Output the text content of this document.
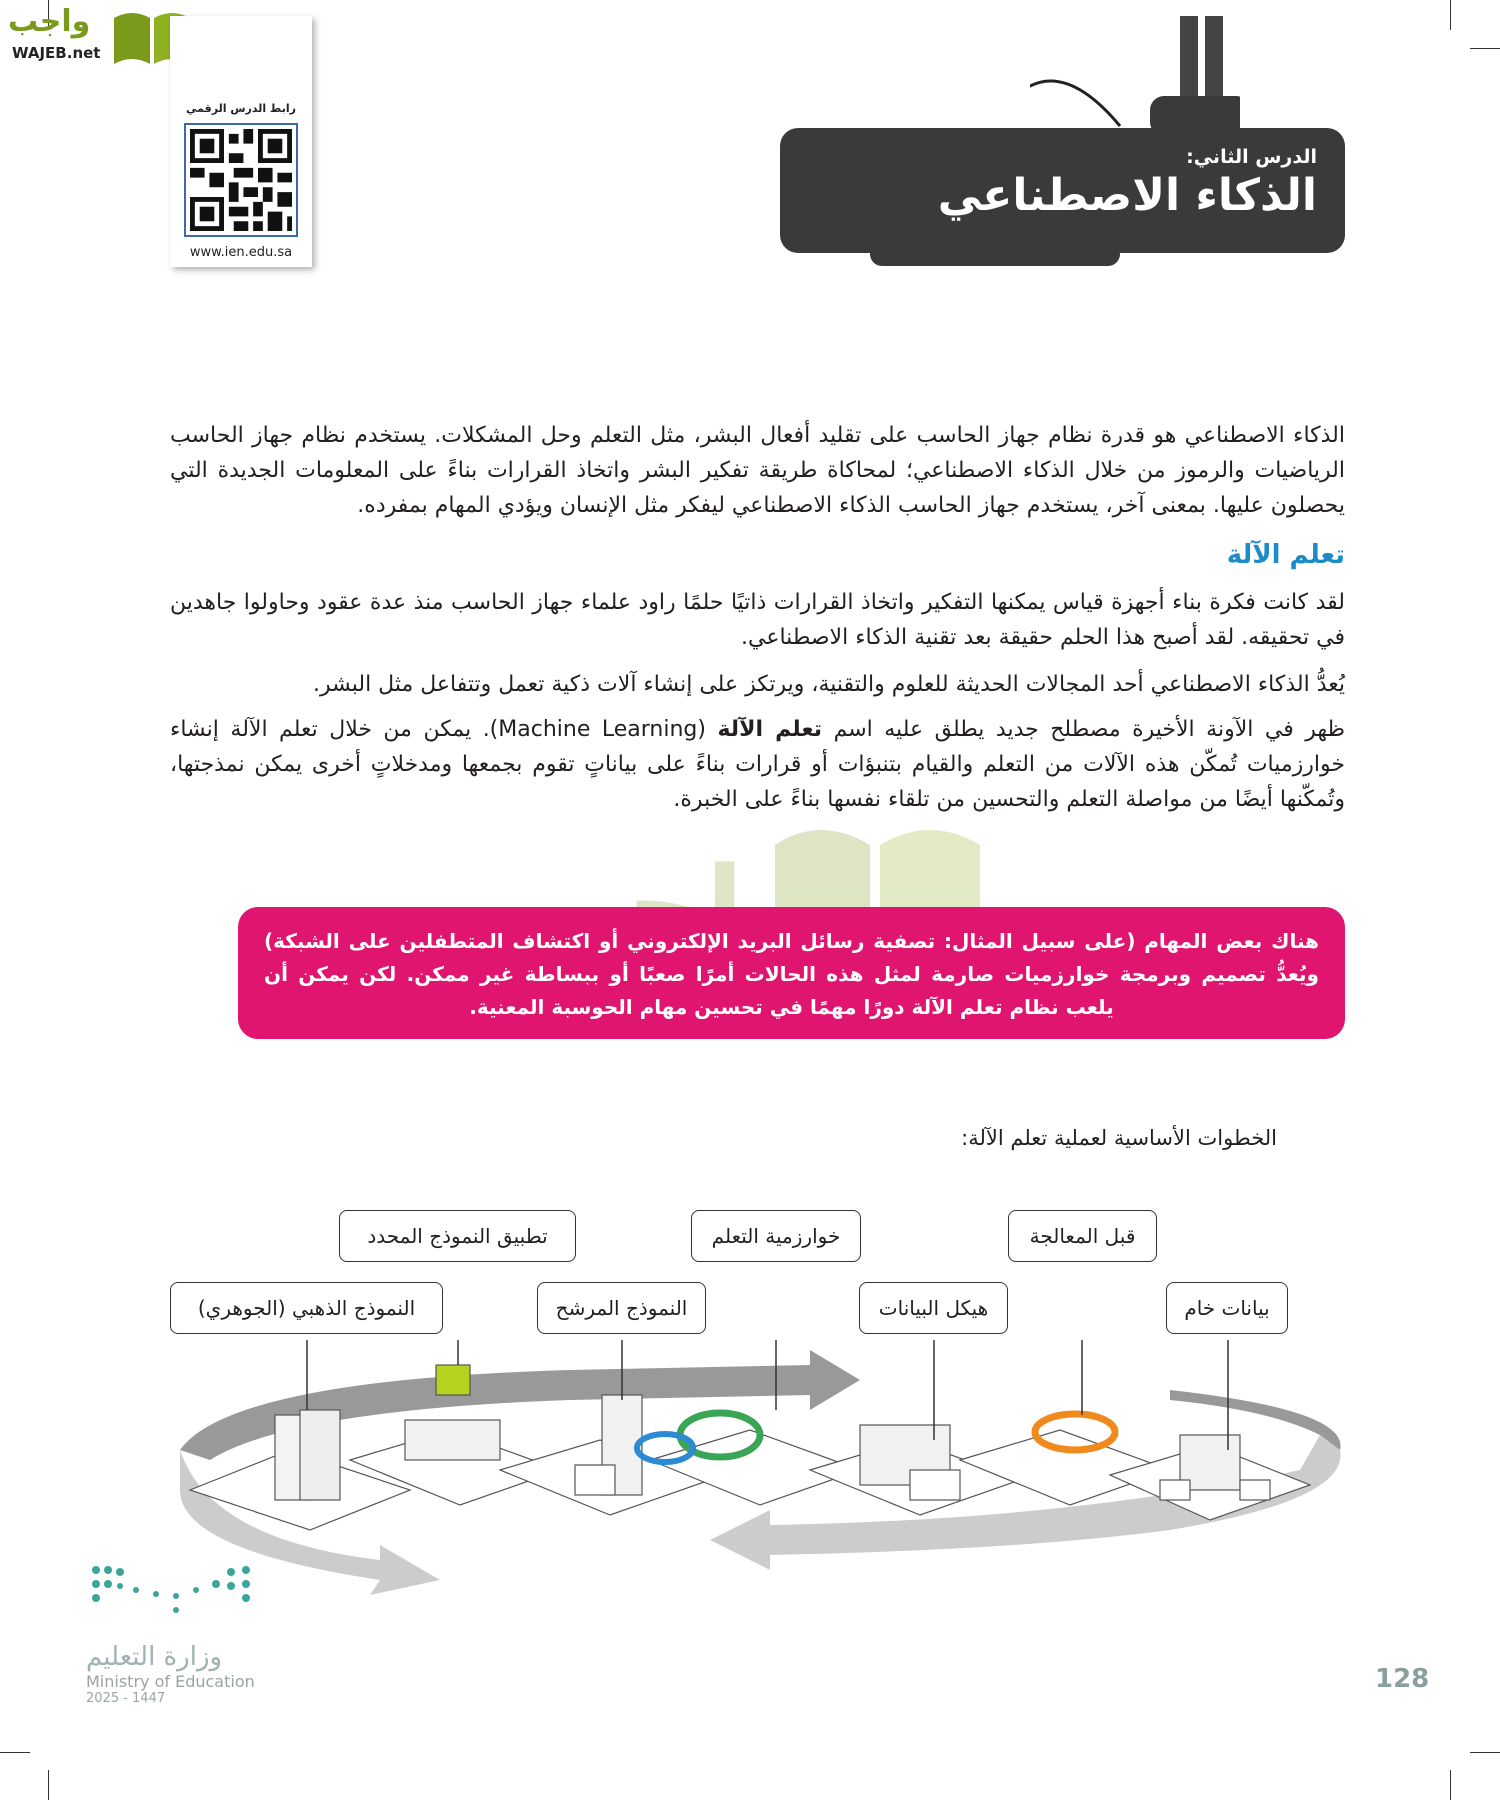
واجب
WAJEB.net
رابط الدرس الرقمي
www.ien.edu.sa
الدرس الثاني:
الذكاء الاصطناعي

الذكاء الاصطناعي هو قدرة نظام جهاز الحاسب على تقليد أفعال البشر، مثل التعلم وحل المشكلات. يستخدم نظام جهاز الحاسب الرياضيات والرموز من خلال الذكاء الاصطناعي؛ لمحاكاة طريقة تفكير البشر واتخاذ القرارات بناءً على المعلومات الجديدة التي يحصلون عليها. بمعنى آخر، يستخدم جهاز الحاسب الذكاء الاصطناعي ليفكر مثل الإنسان ويؤدي المهام بمفرده.

تعلم الآلة

لقد كانت فكرة بناء أجهزة قياس يمكنها التفكير واتخاذ القرارات ذاتيًا حلمًا راود علماء جهاز الحاسب منذ عدة عقود وحاولوا جاهدين في تحقيقه. لقد أصبح هذا الحلم حقيقة بعد تقنية الذكاء الاصطناعي.

يُعدُّ الذكاء الاصطناعي أحد المجالات الحديثة للعلوم والتقنية، ويرتكز على إنشاء آلات ذكية تعمل وتتفاعل مثل البشر.

ظهر في الآونة الأخيرة مصطلح جديد يطلق عليه اسم تعلم الآلة (Machine Learning). يمكن من خلال تعلم الآلة إنشاء خوارزميات تُمكّن هذه الآلات من التعلم والقيام بتنبؤات أو قرارات بناءً على بياناتٍ تقوم بجمعها ومدخلاتٍ أخرى يمكن نمذجتها، وتُمكّنها أيضًا من مواصلة التعلم والتحسين من تلقاء نفسها بناءً على الخبرة.

هناك بعض المهام (على سبيل المثال: تصفية رسائل البريد الإلكتروني أو اكتشاف المتطفلين على الشبكة) ويُعدُّ تصميم وبرمجة خوارزميات صارمة لمثل هذه الحالات أمرًا صعبًا أو ببساطة غير ممكن. لكن يمكن أن يلعب نظام تعلم الآلة دورًا مهمًا في تحسين مهام الحوسبة المعنية.
الخطوات الأساسية لعملية تعلم الآلة:
بيانات خام
قبل المعالجة
هيكل البيانات
خوارزمية التعلم
النموذج المرشح
تطبيق النموذج المحدد
النموذج الذهبي (الجوهري)
وزارة التعليم
Ministry of Education
2025 - 1447
128
